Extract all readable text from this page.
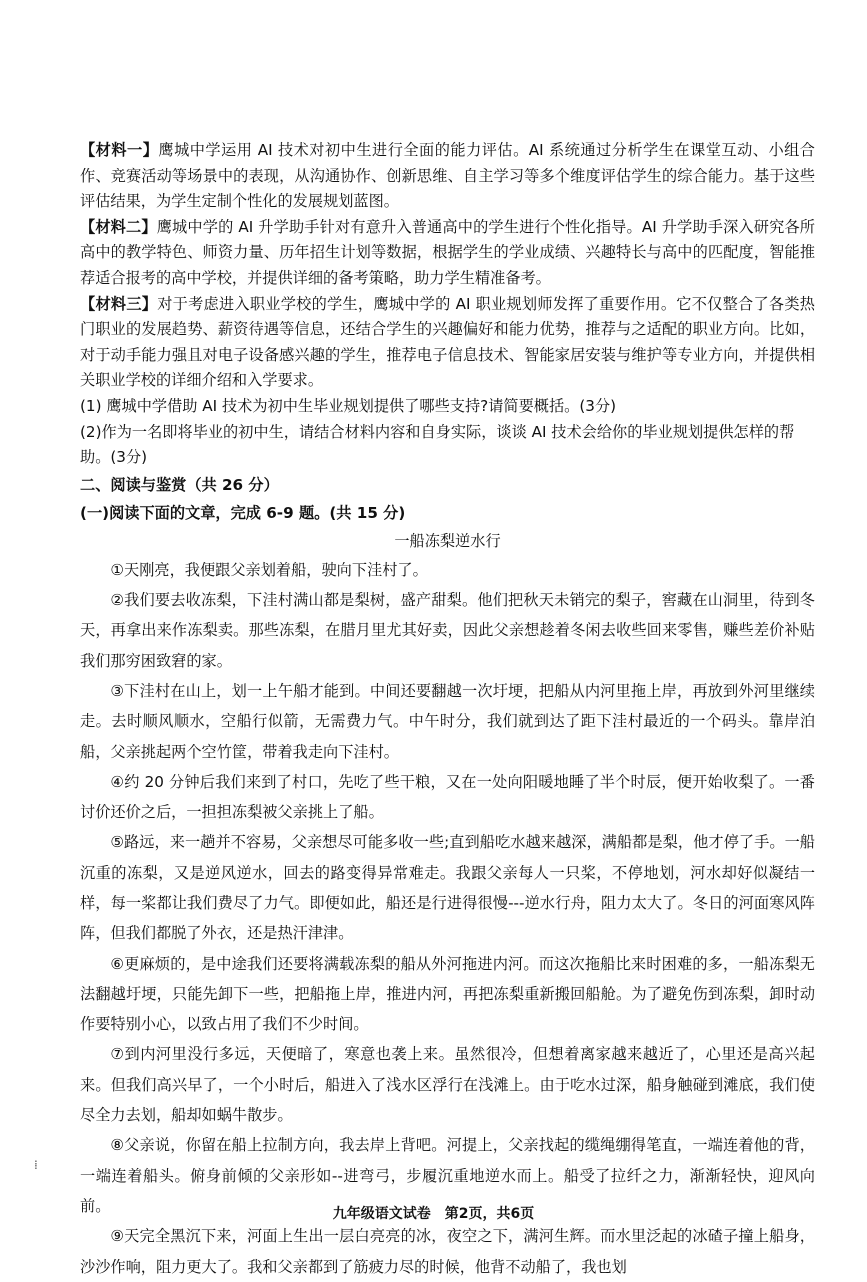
【材料一】鹰城中学运用 AI 技术对初中生进行全面的能力评估。AI 系统通过分析学生在课堂互动、小组合作、竞赛活动等场景中的表现，从沟通协作、创新思维、自主学习等多个维度评估学生的综合能力。基于这些评估结果，为学生定制个性化的发展规划蓝图。

【材料二】鹰城中学的 AI 升学助手针对有意升入普通高中的学生进行个性化指导。AI 升学助手深入研究各所高中的教学特色、师资力量、历年招生计划等数据，根据学生的学业成绩、兴趣特长与高中的匹配度，智能推荐适合报考的高中学校，并提供详细的备考策略，助力学生精准备考。

【材料三】对于考虑进入职业学校的学生，鹰城中学的 AI 职业规划师发挥了重要作用。它不仅整合了各类热门职业的发展趋势、薪资待遇等信息，还结合学生的兴趣偏好和能力优势，推荐与之适配的职业方向。比如，对于动手能力强且对电子设备感兴趣的学生，推荐电子信息技术、智能家居安装与维护等专业方向，并提供相关职业学校的详细介绍和入学要求。

(1) 鹰城中学借助 AI 技术为初中生毕业规划提供了哪些支持?请简要概括。(3分)

(2)作为一名即将毕业的初中生，请结合材料内容和自身实际，谈谈 AI 技术会给你的毕业规划提供怎样的帮助。(3分)

二、阅读与鉴赏（共 26 分）

(一)阅读下面的文章，完成 6-9 题。(共 15 分)

一船冻梨逆水行

①天刚亮，我便跟父亲划着船，驶向下洼村了。

②我们要去收冻梨，下洼村满山都是梨树，盛产甜梨。他们把秋天未销完的梨子，窖藏在山洞里，待到冬天，再拿出来作冻梨卖。那些冻梨，在腊月里尤其好卖，因此父亲想趁着冬闲去收些回来零售，赚些差价补贴我们那穷困致窘的家。

③下洼村在山上，划一上午船才能到。中间还要翻越一次圩埂，把船从内河里拖上岸，再放到外河里继续走。去时顺风顺水，空船行似箭，无需费力气。中午时分，我们就到达了距下洼村最近的一个码头。靠岸泊船，父亲挑起两个空竹筐，带着我走向下洼村。

④约 20 分钟后我们来到了村口，先吃了些干粮，又在一处向阳暖地睡了半个时辰，便开始收梨了。一番讨价还价之后，一担担冻梨被父亲挑上了船。

⑤路远，来一趟并不容易，父亲想尽可能多收一些;直到船吃水越来越深，满船都是梨，他才停了手。一船沉重的冻梨，又是逆风逆水，回去的路变得异常难走。我跟父亲每人一只桨，不停地划，河水却好似凝结一样，每一桨都让我们费尽了力气。即便如此，船还是行进得很慢---逆水行舟，阻力太大了。冬日的河面寒风阵阵，但我们都脱了外衣，还是热汗津津。

⑥更麻烦的，是中途我们还要将满载冻梨的船从外河拖进内河。而这次拖船比来时困难的多，一船冻梨无法翻越圩埂，只能先卸下一些，把船拖上岸，推进内河，再把冻梨重新搬回船舱。为了避免伤到冻梨，卸时动作要特别小心，以致占用了我们不少时间。

⑦到内河里没行多远，天便暗了，寒意也袭上来。虽然很冷，但想着离家越来越近了，心里还是高兴起来。但我们高兴早了，一个小时后，船进入了浅水区浮行在浅滩上。由于吃水过深，船身触碰到滩底，我们使尽全力去划，船却如蜗牛散步。

⑧父亲说，你留在船上拉制方向，我去岸上背吧。河提上，父亲找起的缆绳绷得笔直，一端连着他的背，一端连着船头。俯身前倾的父亲形如--进弯弓，步履沉重地逆水而上。船受了拉纤之力，渐渐轻快，迎风向前。

⑨天完全黑沉下来，河面上生出一层白亮亮的冰，夜空之下，满河生辉。而水里泛起的冰碴子撞上船身，沙沙作响，阻力更大了。我和父亲都到了筋疲力尽的时候，他背不动船了，我也划

⁞
九年级语文试卷　第2页，共6页
